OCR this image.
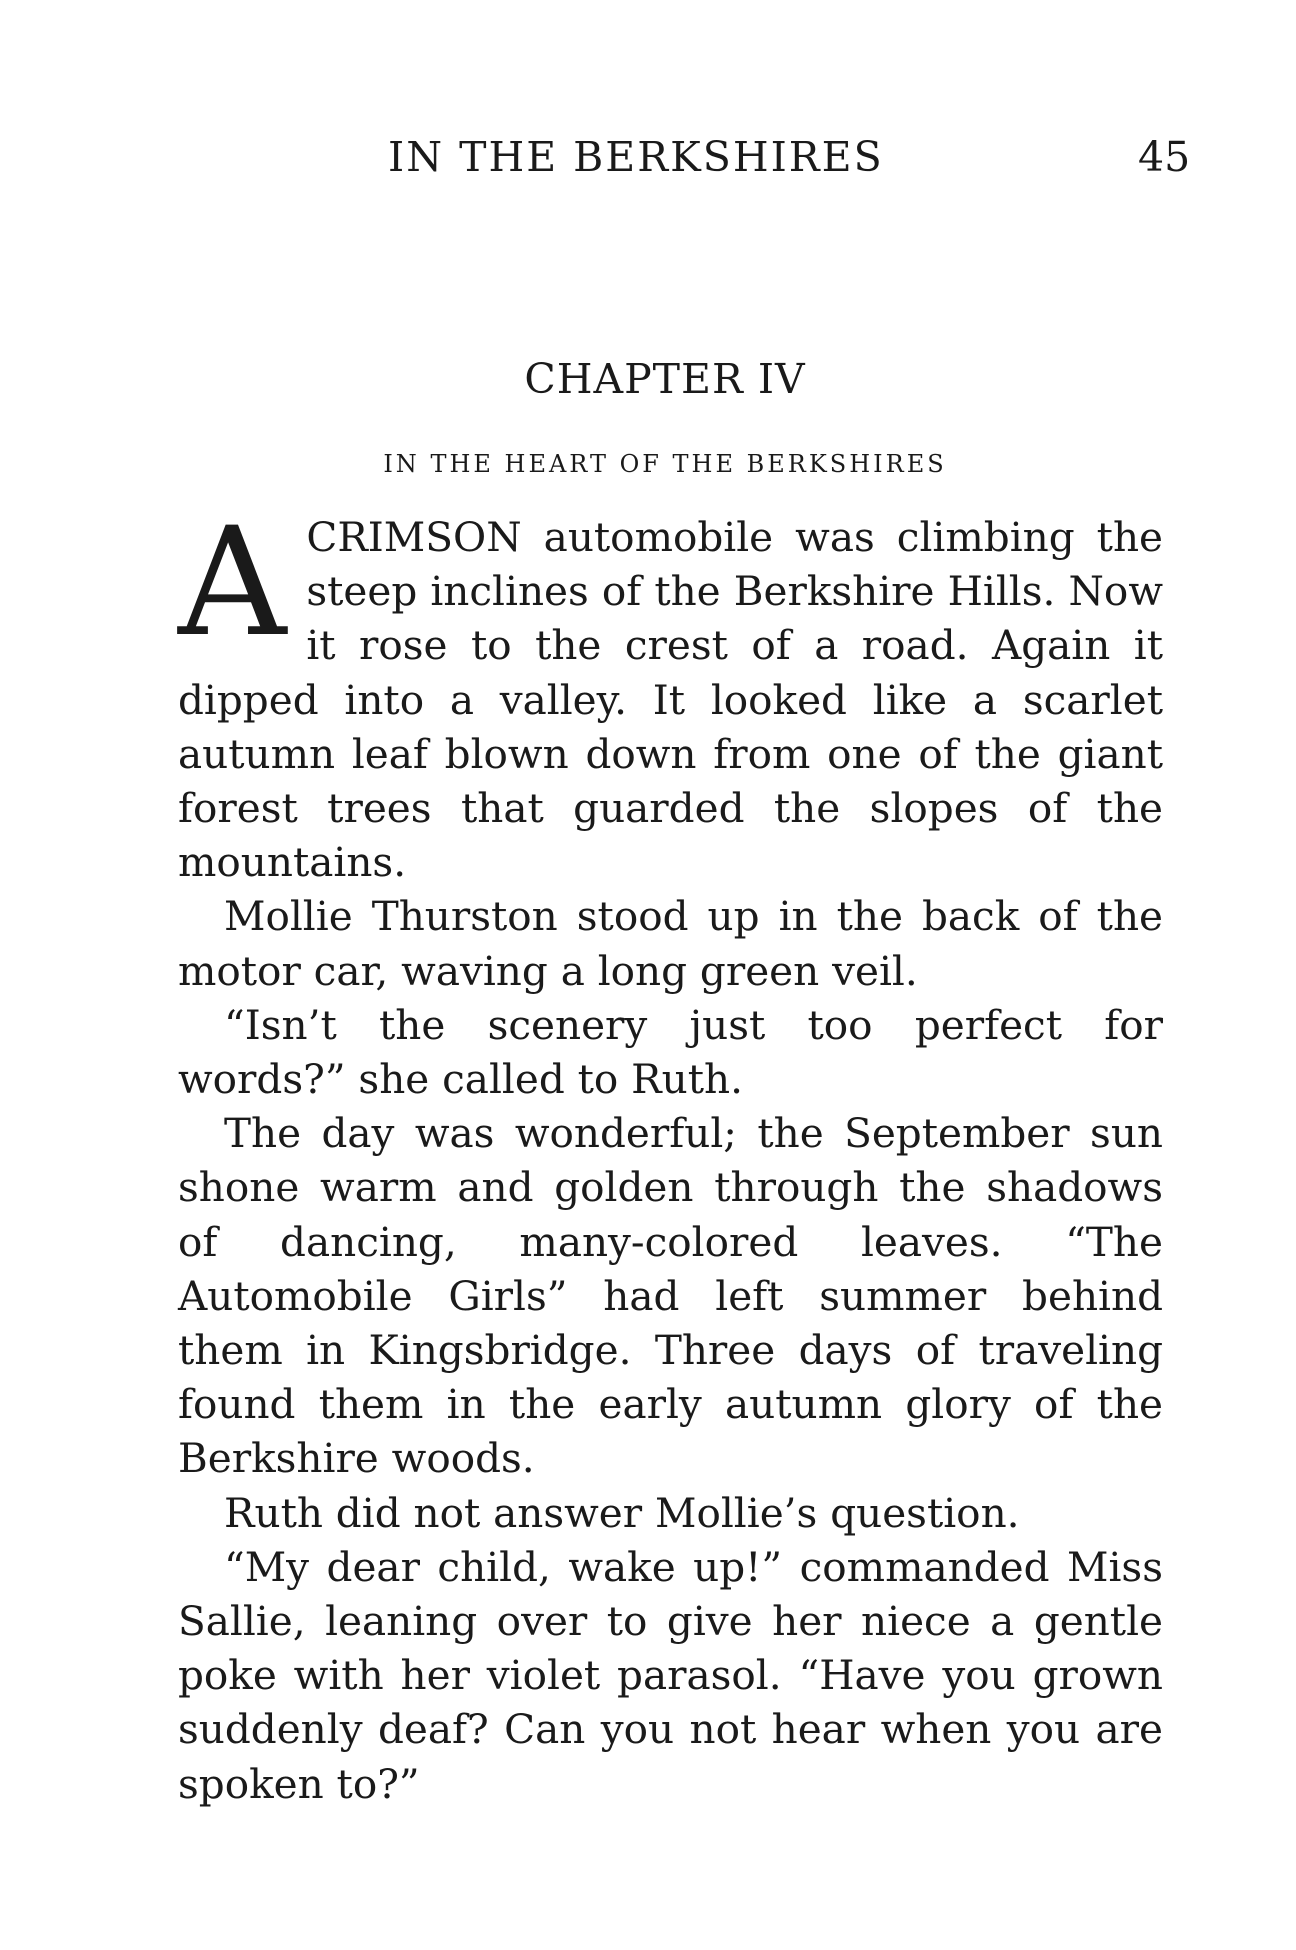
IN THE BERKSHIRES	45
CHAPTER IV
IN THE HEART OF THE BERKSHIRES

A CRIMSON automobile was climbing the steep inclines of the Berkshire Hills. Now it rose to the crest of a road. Again it dipped into a valley. It looked like a scarlet autumn leaf blown down from one of the giant forest trees that guarded the slopes of the mountains.

Mollie Thurston stood up in the back of the motor car, waving a long green veil.

“Isn’t the scenery just too perfect for words?” she called to Ruth.

The day was wonderful; the September sun shone warm and golden through the shadows of dancing, many-colored leaves. “The Automobile Girls” had left summer behind them in Kingsbridge. Three days of traveling found them in the early autumn glory of the Berkshire woods.

Ruth did not answer Mollie’s question.

“My dear child, wake up!” commanded Miss Sallie, leaning over to give her niece a gentle poke with her violet parasol. “Have you grown suddenly deaf? Can you not hear when you are spoken to?”
